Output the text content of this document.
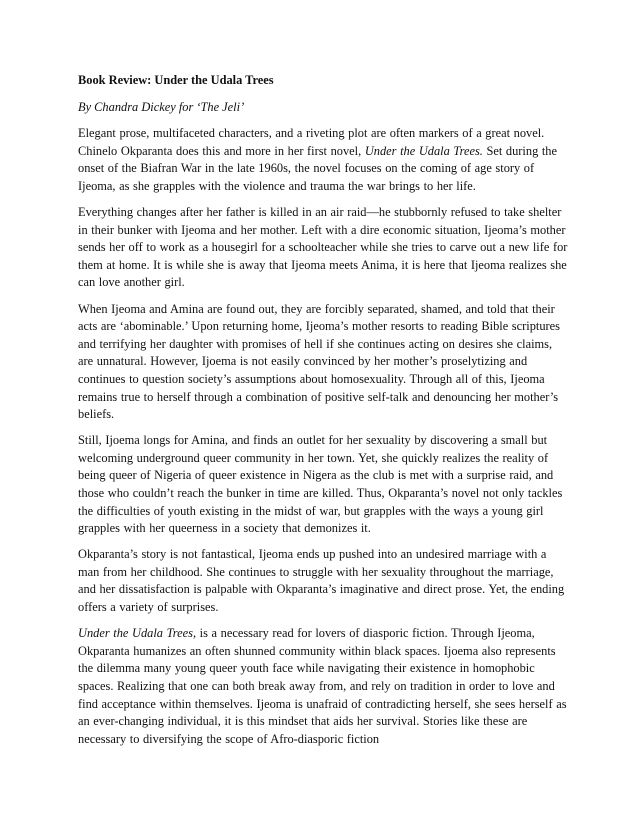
Book Review: Under the Udala Trees
By Chandra Dickey for ‘The Jeli’

Elegant prose, multifaceted characters, and a riveting plot are often markers of a great novel. Chinelo Okparanta does this and more in her first novel, Under the Udala Trees. Set during the onset of the Biafran War in the late 1960s, the novel focuses on the coming of age story of Ijeoma, as she grapples with the violence and trauma the war brings to her life.

Everything changes after her father is killed in an air raid—he stubbornly refused to take shelter in their bunker with Ijeoma and her mother. Left with a dire economic situation, Ijeoma’s mother sends her off to work as a housegirl for a schoolteacher while she tries to carve out a new life for them at home. It is while she is away that Ijeoma meets Anima, it is here that Ijeoma realizes she can love another girl.

When Ijeoma and Amina are found out, they are forcibly separated, shamed, and told that their acts are ‘abominable.’ Upon returning home, Ijeoma’s mother resorts to reading Bible scriptures and terrifying her daughter with promises of hell if she continues acting on desires she claims, are unnatural. However, Ijoema is not easily convinced by her mother’s proselytizing and continues to question society’s assumptions about homosexuality. Through all of this, Ijeoma remains true to herself through a combination of positive self-talk and denouncing her mother’s beliefs.

Still, Ijoema longs for Amina, and finds an outlet for her sexuality by discovering a small but welcoming underground queer community in her town. Yet, she quickly realizes the reality of being queer of Nigeria of queer existence in Nigera as the club is met with a surprise raid, and those who couldn’t reach the bunker in time are killed. Thus, Okparanta’s novel not only tackles the difficulties of youth existing in the midst of war, but grapples with the ways a young girl grapples with her queerness in a society that demonizes it.

Okparanta’s story is not fantastical, Ijeoma ends up pushed into an undesired marriage with a man from her childhood. She continues to struggle with her sexuality throughout the marriage, and her dissatisfaction is palpable with Okparanta’s imaginative and direct prose. Yet, the ending offers a variety of surprises.

Under the Udala Trees, is a necessary read for lovers of diasporic fiction. Through Ijeoma, Okparanta humanizes an often shunned community within black spaces. Ijoema also represents the dilemma many young queer youth face while navigating their existence in homophobic spaces. Realizing that one can both break away from, and rely on tradition in order to love and find acceptance within themselves. Ijeoma is unafraid of contradicting herself, she sees herself as an ever-changing individual, it is this mindset that aids her survival. Stories like these are necessary to diversifying the scope of Afro-diasporic fiction
